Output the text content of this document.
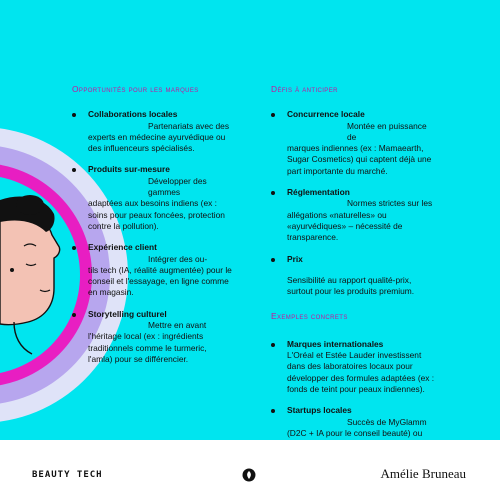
Opportunités pour les marques
Collaborations locales
Partenariats avec des
experts en médecine ayurvédique ou des influenceurs spécialisés.
Produits sur-mesure
Développer des gammes
adaptées aux besoins indiens (ex : soins pour peaux foncées, protection contre la pollution).
Expérience client
Intégrer des ou-
tils tech (IA, réalité augmentée) pour le conseil et l'essayage, en ligne comme en magasin.
Storytelling culturel
Mettre en avant
l'héritage local (ex : ingrédients traditionnels comme le turmeric, l'amla) pour se différencier.
Défis à anticiper
Concurrence locale
Montée en puissance de
marques indiennes (ex : Mamaearth, Sugar Cosmetics) qui captent déjà une part importante du marché.
Réglementation
Normes strictes sur les
allégations «naturelles» ou «ayurvédiques» – nécessité de transparence.
Prix
Sensibilité au rapport qualité-prix, surtout pour les produits premium.
Exemples concrets
Marques internationales
L'Oréal et Estée Lauder investissent dans des laboratoires locaux pour développer des formules adaptées (ex : fonds de teint pour peaux indiennes).
Startups locales
Succès de MyGlamm
(D2C + IA pour le conseil beauté) ou
BEAUTY TECH	Amélie Bruneau
